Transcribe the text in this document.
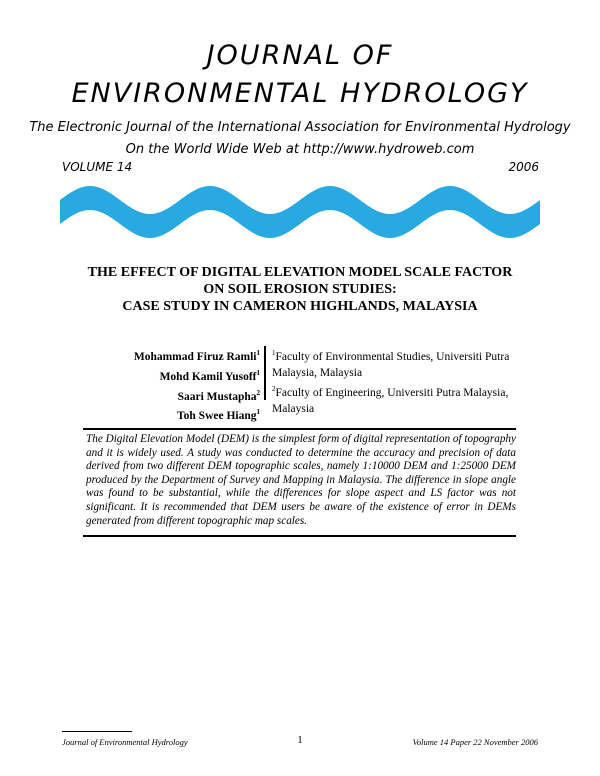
JOURNAL OF
ENVIRONMENTAL HYDROLOGY
The Electronic Journal of the International Association for Environmental Hydrology
On the World Wide Web at http://www.hydroweb.com
VOLUME 14	2006
THE EFFECT OF DIGITAL ELEVATION MODEL SCALE FACTOR
ON SOIL EROSION STUDIES:
CASE STUDY IN CAMERON HIGHLANDS, MALAYSIA
Mohammad Firuz Ramli$^1$
Mohd Kamil Yusoff$^1$
Saari Mustapha$^2$
Toh Swee Hiang$^1$
$^1$Faculty of Environmental Studies, Universiti Putra
Malaysia, Malaysia
$^2$Faculty of Engineering, Universiti Putra Malaysia,
Malaysia
The Digital Elevation Model (DEM) is the simplest form of digital representation of topography and it is widely used. A study was conducted to determine the accuracy and precision of data derived from two different DEM topographic scales, namely 1:10000 DEM and 1:25000 DEM produced by the Department of Survey and Mapping in Malaysia. The difference in slope angle was found to be substantial, while the differences for slope aspect and LS factor was not significant. It is recommended that DEM users be aware of the existence of error in DEMs generated from different topographic map scales.
Journal of Environmental Hydrology	1	Volume 14 Paper 22 November 2006
